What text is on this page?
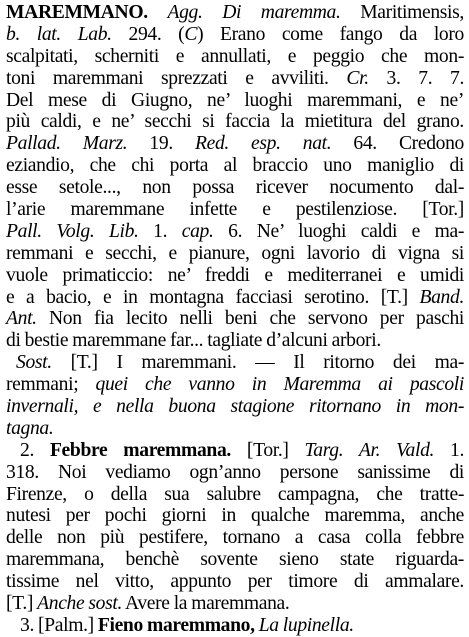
MAREMMANO. Agg. Di maremma. Maritimensis,
b. lat. Lab. 294. (C) Erano come fango da loro
scalpitati, scherniti e annullati, e peggio che mon-
toni maremmani sprezzati e avviliti. Cr. 3. 7. 7.
Del mese di Giugno, ne’ luoghi maremmani, e ne’
più caldi, e ne’ secchi si faccia la mietitura del grano.
Pallad. Marz. 19. Red. esp. nat. 64. Credono
eziandio, che chi porta al braccio uno maniglio di
esse setole..., non possa ricever nocumento dal-
l’arie maremmane infette e pestilenziose. [Tor.]
Pall. Volg. Lib. 1. cap. 6. Ne’ luoghi caldi e ma-
remmani e secchi, e pianure, ogni lavorio di vigna si
vuole primaticcio: ne’ freddi e mediterranei e umidi
e a bacio, e in montagna facciasi serotino. [T.] Band.
Ant. Non fia lecito nelli beni che servono per paschi
di bestie maremmane far... tagliate d’alcuni arbori.
Sost. [T.] I maremmani. — Il ritorno dei ma-
remmani; quei che vanno in Maremma ai pascoli
invernali, e nella buona stagione ritornano in mon-
tagna.
2. Febbre maremmana. [Tor.] Targ. Ar. Vald. 1.
318. Noi vediamo ogn’anno persone sanissime di
Firenze, o della sua salubre campagna, che tratte-
nutesi per pochi giorni in qualche maremma, anche
delle non più pestifere, tornano a casa colla febbre
maremmana, benchè sovente sieno state riguarda-
tissime nel vitto, appunto per timore di ammalare.
[T.] Anche sost. Avere la maremmana.
3. [Palm.] Fieno maremmano, La lupinella.
